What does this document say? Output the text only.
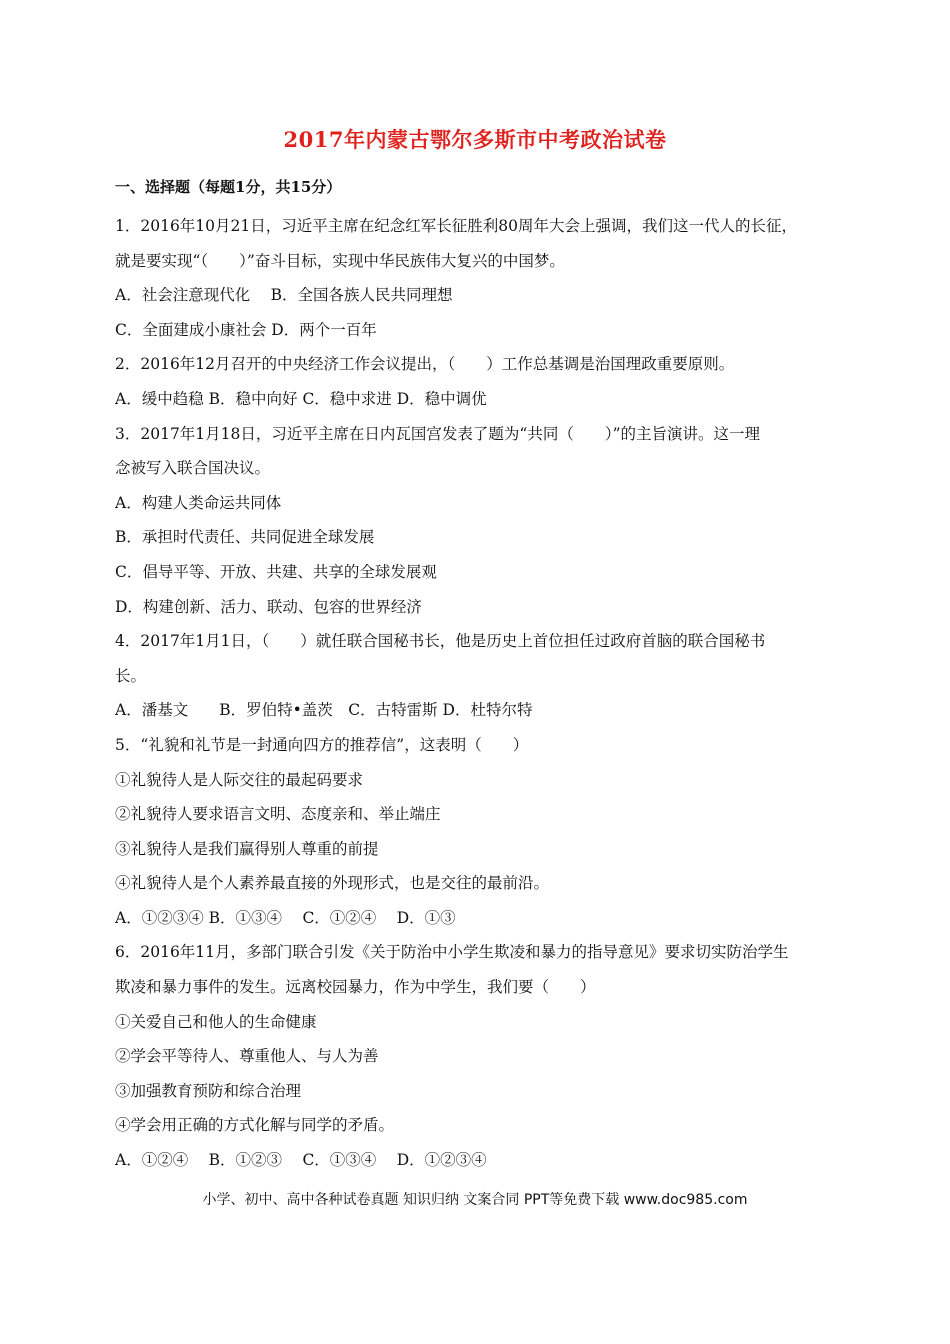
2017年内蒙古鄂尔多斯市中考政治试卷
一、选择题（每题1分，共15分）
1．2016年10月21日，习近平主席在纪念红军长征胜利80周年大会上强调，我们这一代人的长征，
就是要实现“（　　）”奋斗目标，实现中华民族伟大复兴的中国梦。
A．社会注意现代化　 B．全国各族人民共同理想
C．全面建成小康社会 D．两个一百年
2．2016年12月召开的中央经济工作会议提出，（　　）工作总基调是治国理政重要原则。
A．缓中趋稳 B．稳中向好 C．稳中求进 D．稳中调优
3．2017年1月18日，习近平主席在日内瓦国宫发表了题为“共同（　　）”的主旨演讲。这一理
念被写入联合国决议。
A．构建人类命运共同体
B．承担时代责任、共同促进全球发展
C．倡导平等、开放、共建、共享的全球发展观
D．构建创新、活力、联动、包容的世界经济
4．2017年1月1日，（　　）就任联合国秘书长，他是历史上首位担任过政府首脑的联合国秘书
长。
A．潘基文　　B．罗伯特•盖茨　C．古特雷斯 D．杜特尔特
5．“礼貌和礼节是一封通向四方的推荐信”，这表明（　　）
①礼貌待人是人际交往的最起码要求
②礼貌待人要求语言文明、态度亲和、举止端庄
③礼貌待人是我们赢得别人尊重的前提
④礼貌待人是个人素养最直接的外现形式，也是交往的最前沿。
A．①②③④ B．①③④　 C．①②④　 D．①③
6．2016年11月，多部门联合引发《关于防治中小学生欺凌和暴力的指导意见》要求切实防治学生
欺凌和暴力事件的发生。远离校园暴力，作为中学生，我们要（　　）
①关爱自己和他人的生命健康
②学会平等待人、尊重他人、与人为善
③加强教育预防和综合治理
④学会用正确的方式化解与同学的矛盾。
A．①②④　 B．①②③　 C．①③④　 D．①②③④
小学、初中、高中各种试卷真题 知识归纳 文案合同 PPT等免费下载 www.doc985.com
